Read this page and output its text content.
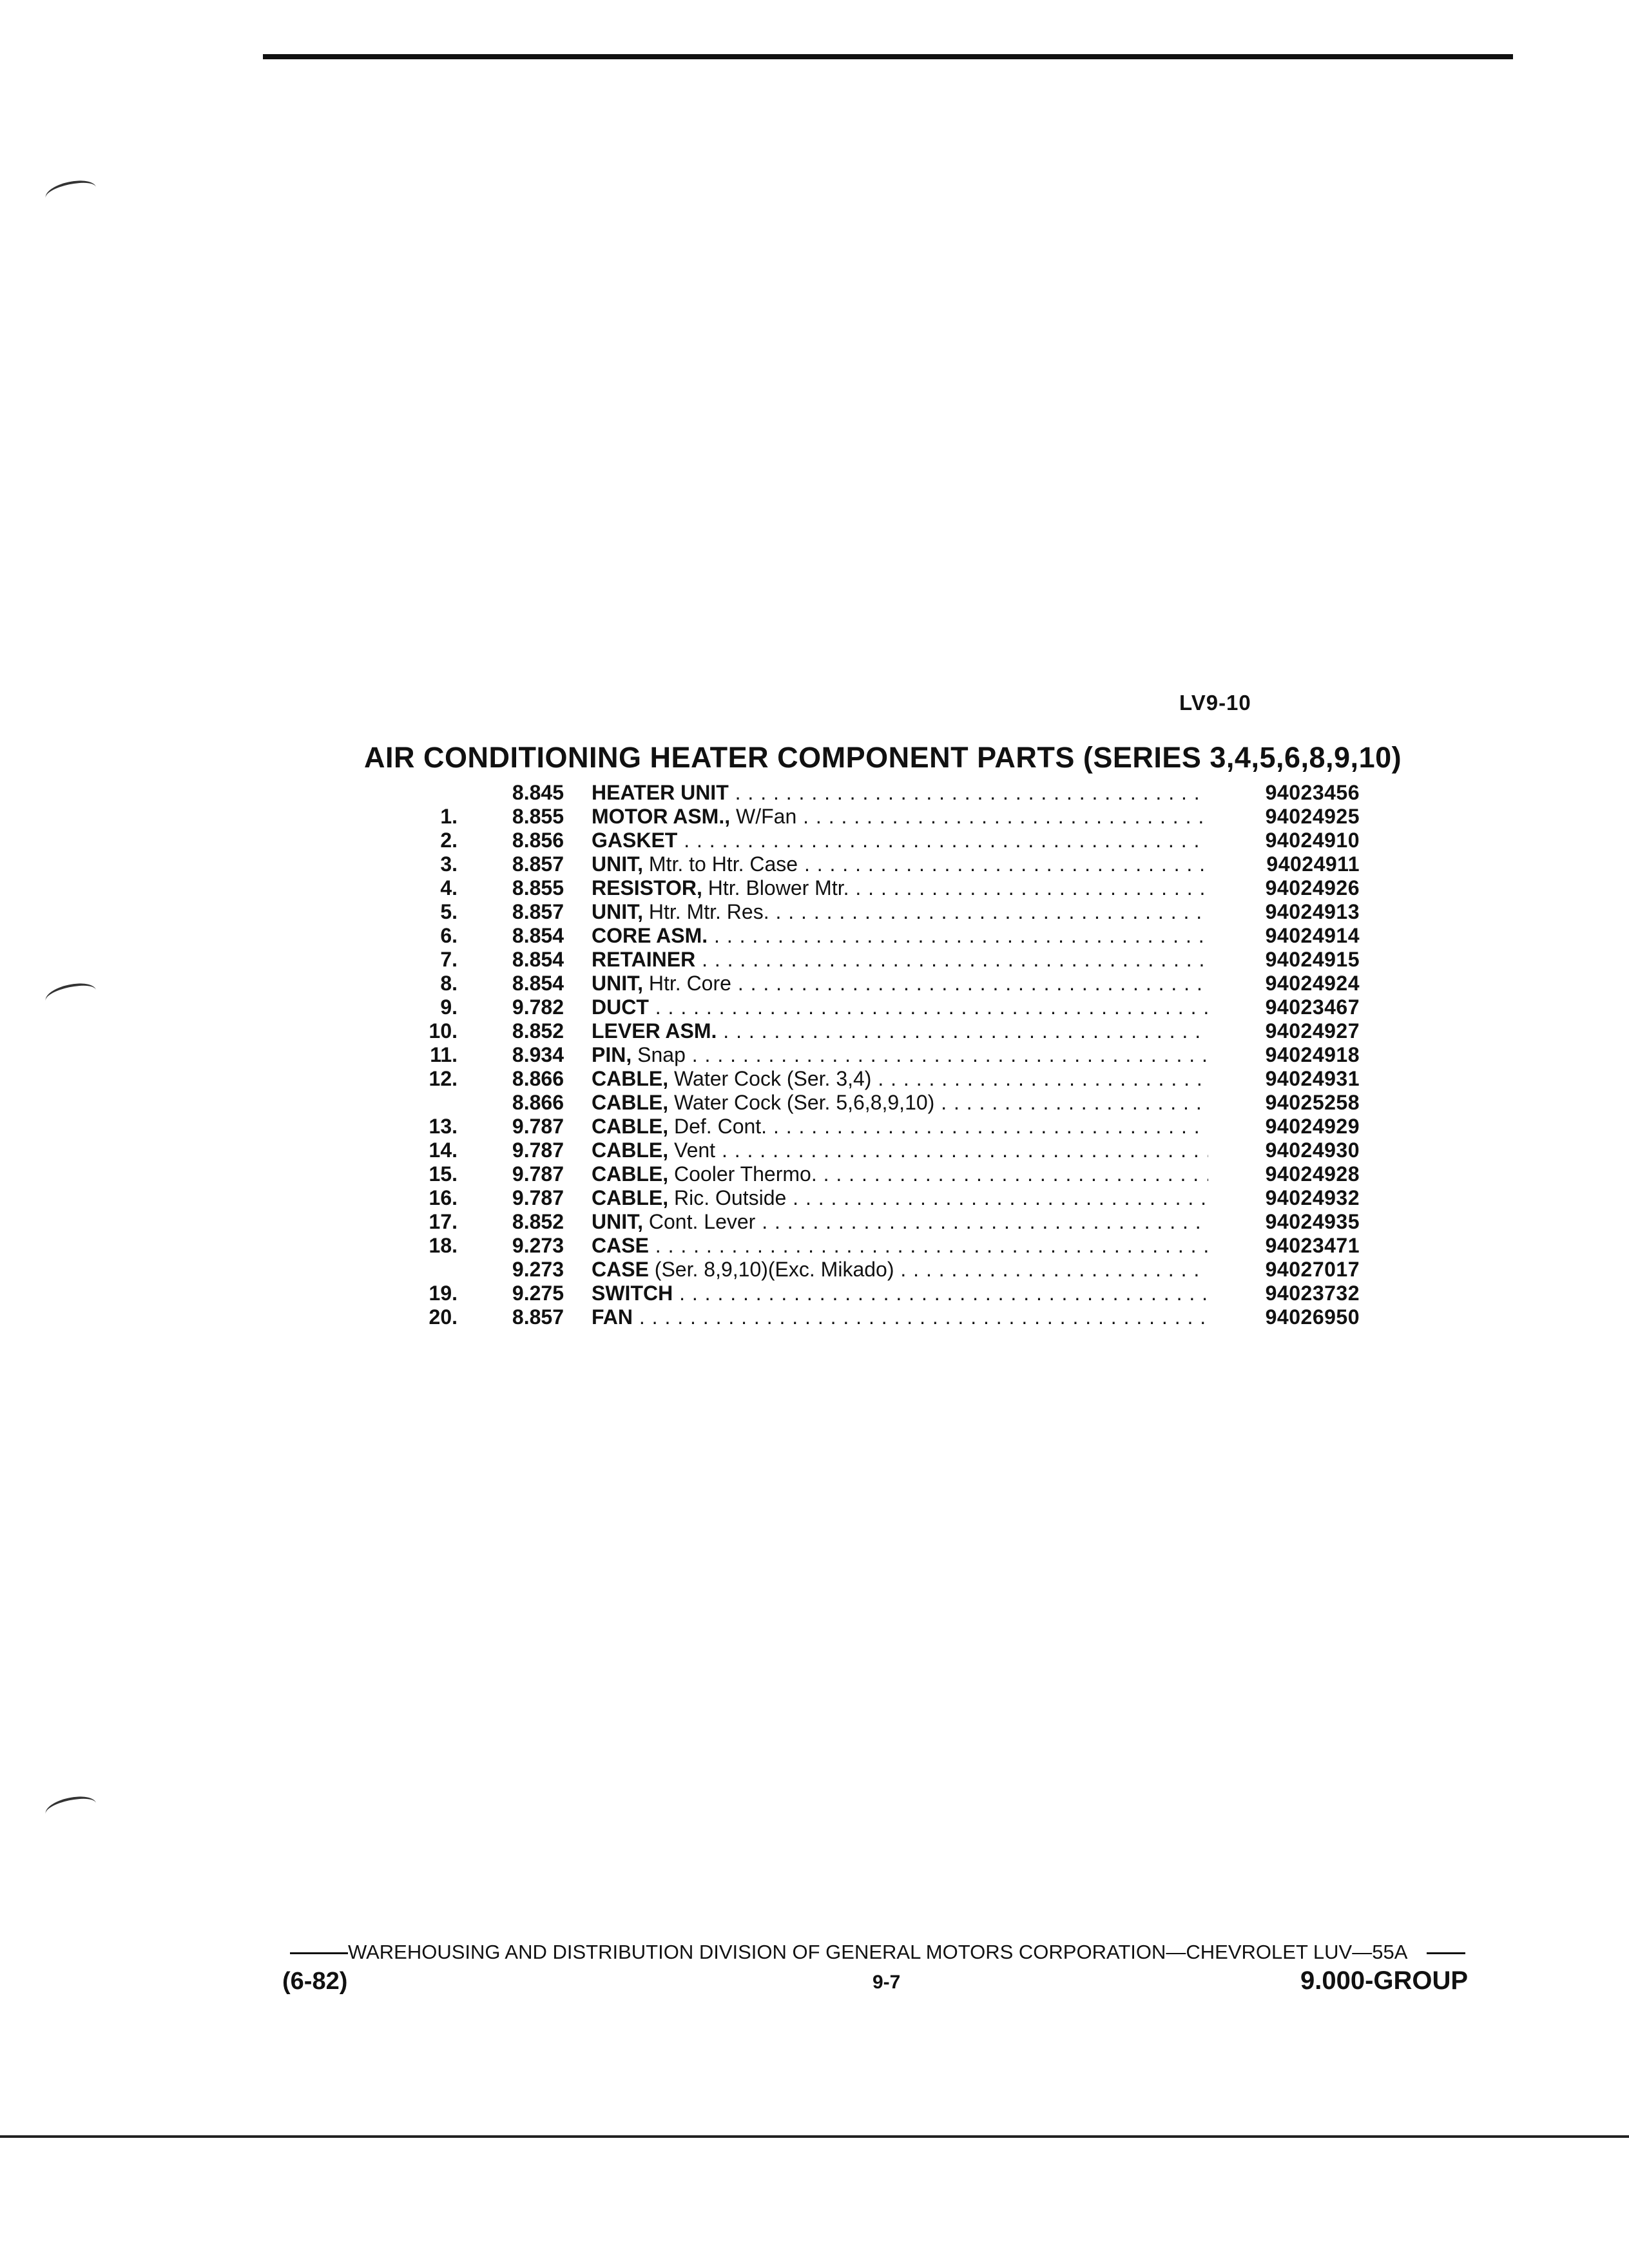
LV9-10
AIR CONDITIONING HEATER COMPONENT PARTS (SERIES 3,4,5,6,8,9,10)
8.845 HEATER UNIT . . .	94023456
1.	8.855 MOTOR ASM., W/Fan . . .	94024925
2.	8.856 GASKET . . .	94024910
3.	8.857 UNIT, Mtr. to Htr. Case . . .	94024911
4.	8.855 RESISTOR, Htr. Blower Mtr. . . .	94024926
5.	8.857 UNIT, Htr. Mtr. Res. . . .	94024913
6.	8.854 CORE ASM. . . .	94024914
7.	8.854 RETAINER . . .	94024915
8.	8.854 UNIT, Htr. Core . . .	94024924
9.	9.782 DUCT . . .	94023467
10.	8.852 LEVER ASM. . . .	94024927
11.	8.934 PIN, Snap . . .	94024918
12.	8.866 CABLE, Water Cock (Ser. 3,4) . . .	94024931
8.866 CABLE, Water Cock (Ser. 5,6,8,9,10) . . .	94025258
13.	9.787 CABLE, Def. Cont. . . .	94024929
14.	9.787 CABLE, Vent . . .	94024930
15.	9.787 CABLE, Cooler Thermo. . . .	94024928
16.	9.787 CABLE, Ric. Outside . . .	94024932
17.	8.852 UNIT, Cont. Lever . . .	94024935
18.	9.273 CASE . . .	94023471
9.273 CASE (Ser. 8,9,10)(Exc. Mikado) . . .	94027017
19.	9.275 SWITCH . . .	94023732
20.	8.857 FAN . . .	94026950
WAREHOUSING AND DISTRIBUTION DIVISION OF GENERAL MOTORS CORPORATION—CHEVROLET LUV—55A
(6-82)	9-7	9.000-GROUP
